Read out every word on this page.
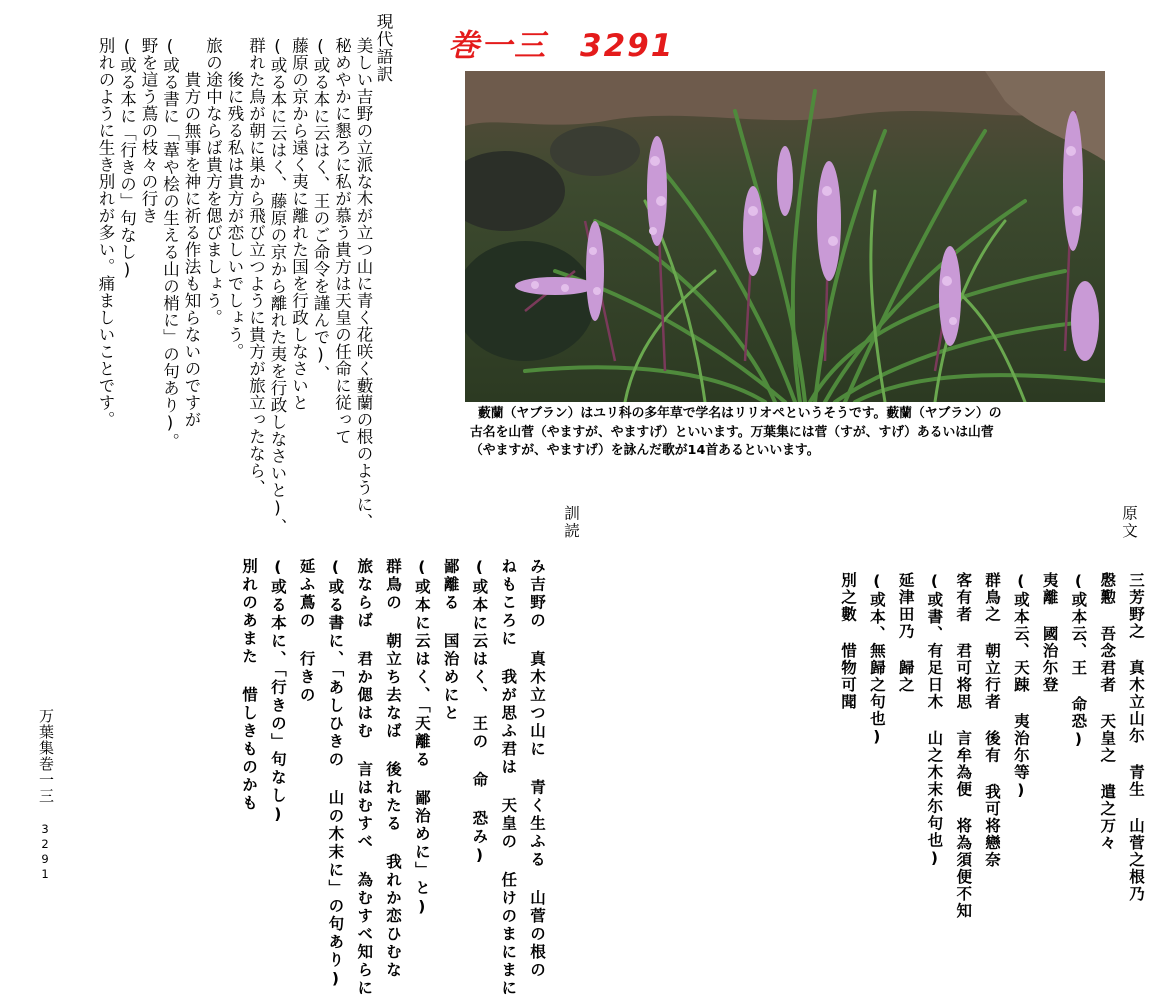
巻一三　3291
現代語訳
美しい吉野の立派な木が立つ山に青く花咲く藪蘭の根のように、
秘めやかに懇ろに私が慕う貴方は天皇の任命に従って
(或る本に云はく、王のご命令を謹んで)、
藤原の京から遠く夷に離れた国を行政しなさいと
(或る本に云はく、藤原の京から離れた夷を行政しなさいと)、
群れた鳥が朝に巣から飛び立つように貴方が旅立ったなら、
　　後に残る私は貴方が恋しいでしょう。
旅の途中ならば貴方を偲びましょう。
　　貴方の無事を神に祈る作法も知らないのですが
(或る書に「葦や桧の生える山の梢に」の句あり)。
野を這う蔦の枝々の行き
(或る本に「行きの」句なし)
別れのように生き別れが多い。痛ましいことです。	藪蘭（ヤブラン）はユリ科の多年草で学名はリリオペというそうです。藪蘭（ヤブラン）の
古名を山菅（やますが、やますげ）といいます。万葉集には菅（すが、すげ）あるいは山菅
（やますが、やますげ）を詠んだ歌が14首あるといいます。
原文
三芳野之 真木立山尓 青生 山菅之根乃
慇懃 吾念君者 天皇之 遣之万々
(或本云、王 命恐)
夷離 國治尓登
(或本云、天踈 夷治尓等)
群鳥之 朝立行者 後有 我可将戀奈
客有者 君可将思 言牟為便 将為須便不知
(或書、有足日木 山之木末尓句也)
延津田乃 歸之
(或本、無歸之句也)
別之數 惜物可聞
訓読
み吉野の 真木立つ山に 青く生ふる 山菅の根の
ねもころに 我が思ふ君は 天皇の 任けのまにまに
(或本に云はく、　王の 命 恐み)
鄙離る 国治めにと
(或本に云はく、「天離る 鄙治めに」と)
群鳥の 朝立ち去なば 後れたる 我れか恋ひむな
旅ならば 君か偲はむ 言はむすべ 為むすべ知らに
(或る書に、「あしひきの 山の木末に」の句あり)
延ふ蔦の 行きの
(或る本に、「行きの」句なし)
別れのあまた 惜しきものかも
万葉集巻一三
3291
